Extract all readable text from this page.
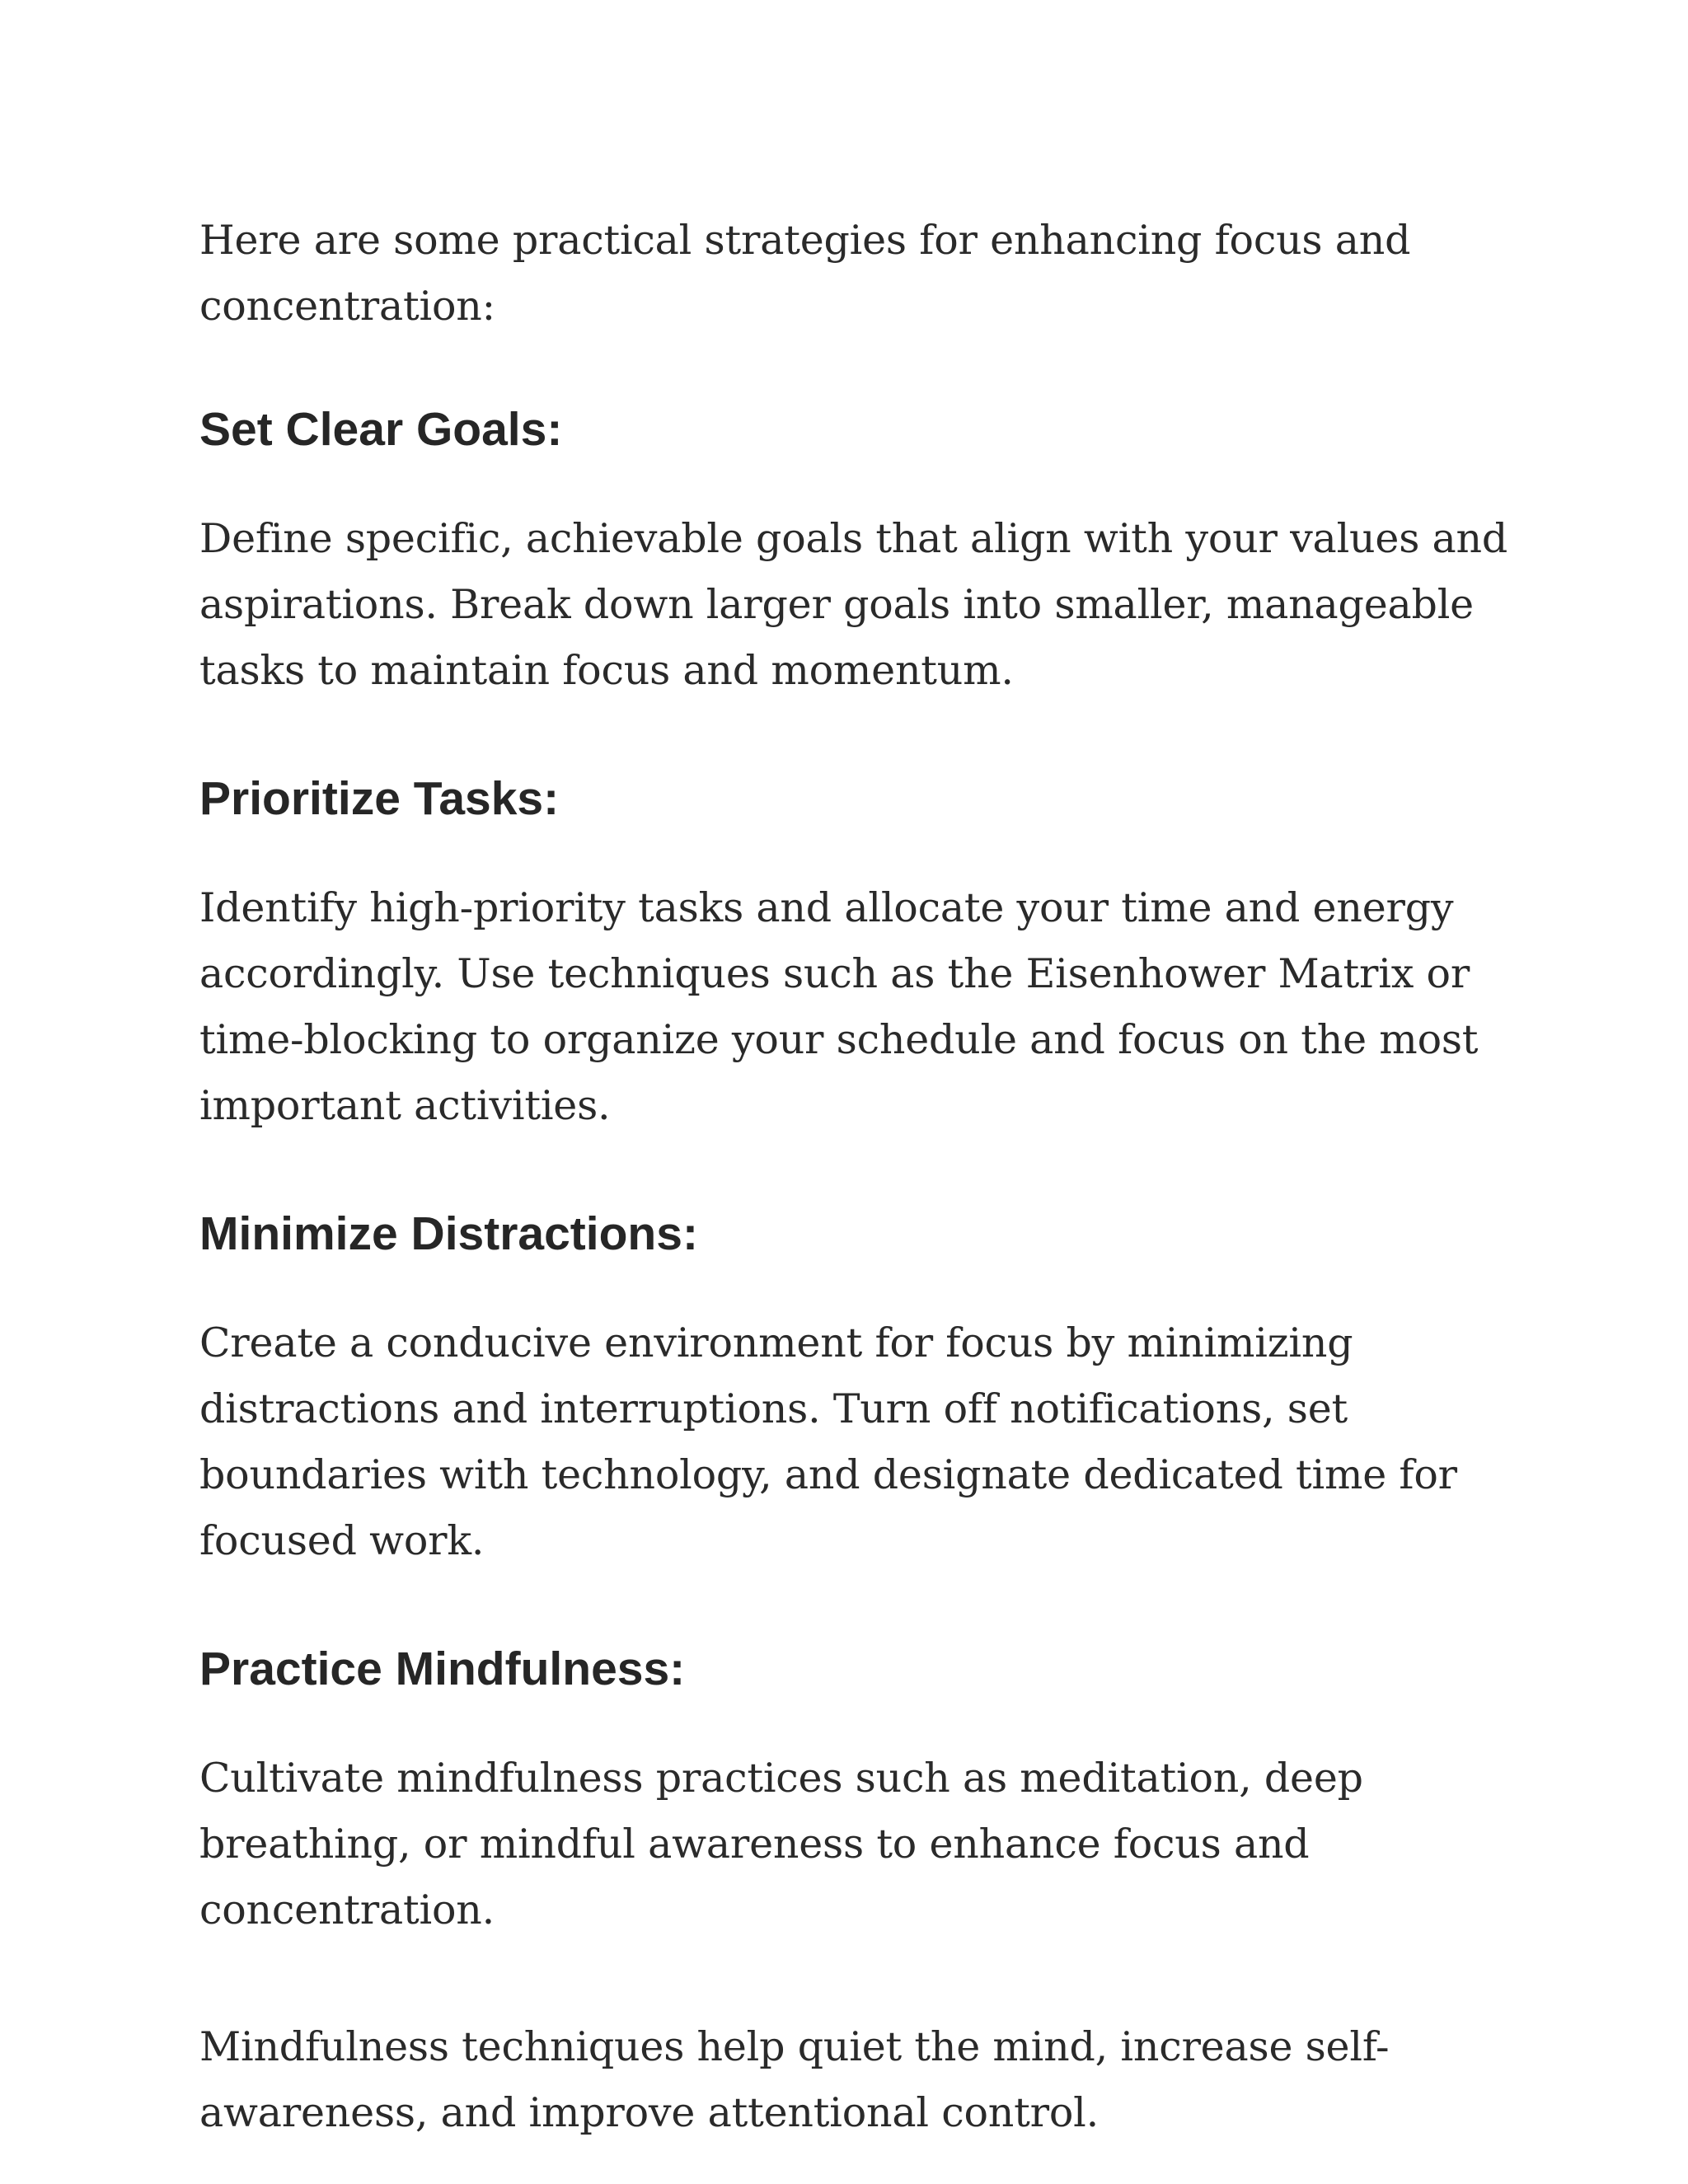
Here are some practical strategies for enhancing focus and concentration:

Set Clear Goals:

Define specific, achievable goals that align with your values and aspirations. Break down larger goals into smaller, manageable tasks to maintain focus and momentum.

Prioritize Tasks:

Identify high-priority tasks and allocate your time and energy accordingly. Use techniques such as the Eisenhower Matrix or time-blocking to organize your schedule and focus on the most important activities.

Minimize Distractions:

Create a conducive environment for focus by minimizing distractions and interruptions. Turn off notifications, set boundaries with technology, and designate dedicated time for focused work.

Practice Mindfulness:

Cultivate mindfulness practices such as meditation, deep breathing, or mindful awareness to enhance focus and concentration.

Mindfulness techniques help quiet the mind, increase self-awareness, and improve attentional control.
